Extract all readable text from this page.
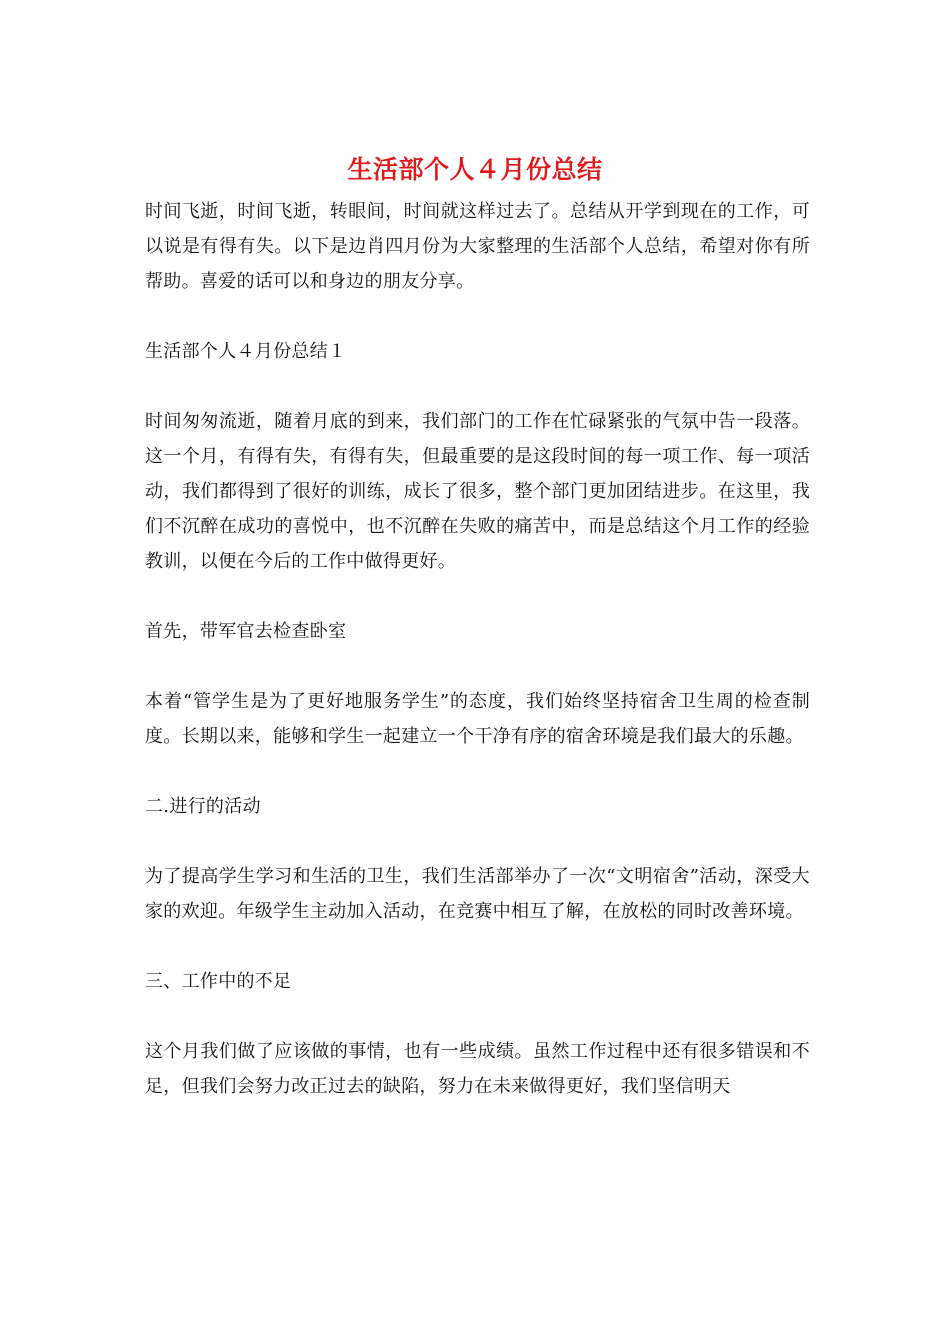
生活部个人４月份总结

时间飞逝，时间飞逝，转眼间，时间就这样过去了。总结从开学到现在的工作，可以说是有得有失。以下是边肖四月份为大家整理的生活部个人总结，希望对你有所帮助。喜爱的话可以和身边的朋友分享。

生活部个人４月份总结１

时间匆匆流逝，随着月底的到来，我们部门的工作在忙碌紧张的气氛中告一段落。这一个月，有得有失，有得有失，但最重要的是这段时间的每一项工作、每一项活动，我们都得到了很好的训练，成长了很多，整个部门更加团结进步。在这里，我们不沉醉在成功的喜悦中，也不沉醉在失败的痛苦中，而是总结这个月工作的经验教训，以便在今后的工作中做得更好。

首先，带军官去检查卧室

本着“管学生是为了更好地服务学生”的态度，我们始终坚持宿舍卫生周的检查制度。长期以来，能够和学生一起建立一个干净有序的宿舍环境是我们最大的乐趣。

二.进行的活动

为了提高学生学习和生活的卫生，我们生活部举办了一次“文明宿舍”活动，深受大家的欢迎。年级学生主动加入活动，在竞赛中相互了解，在放松的同时改善环境。

三、工作中的不足

这个月我们做了应该做的事情，也有一些成绩。虽然工作过程中还有很多错误和不足，但我们会努力改正过去的缺陷，努力在未来做得更好，我们坚信明天
